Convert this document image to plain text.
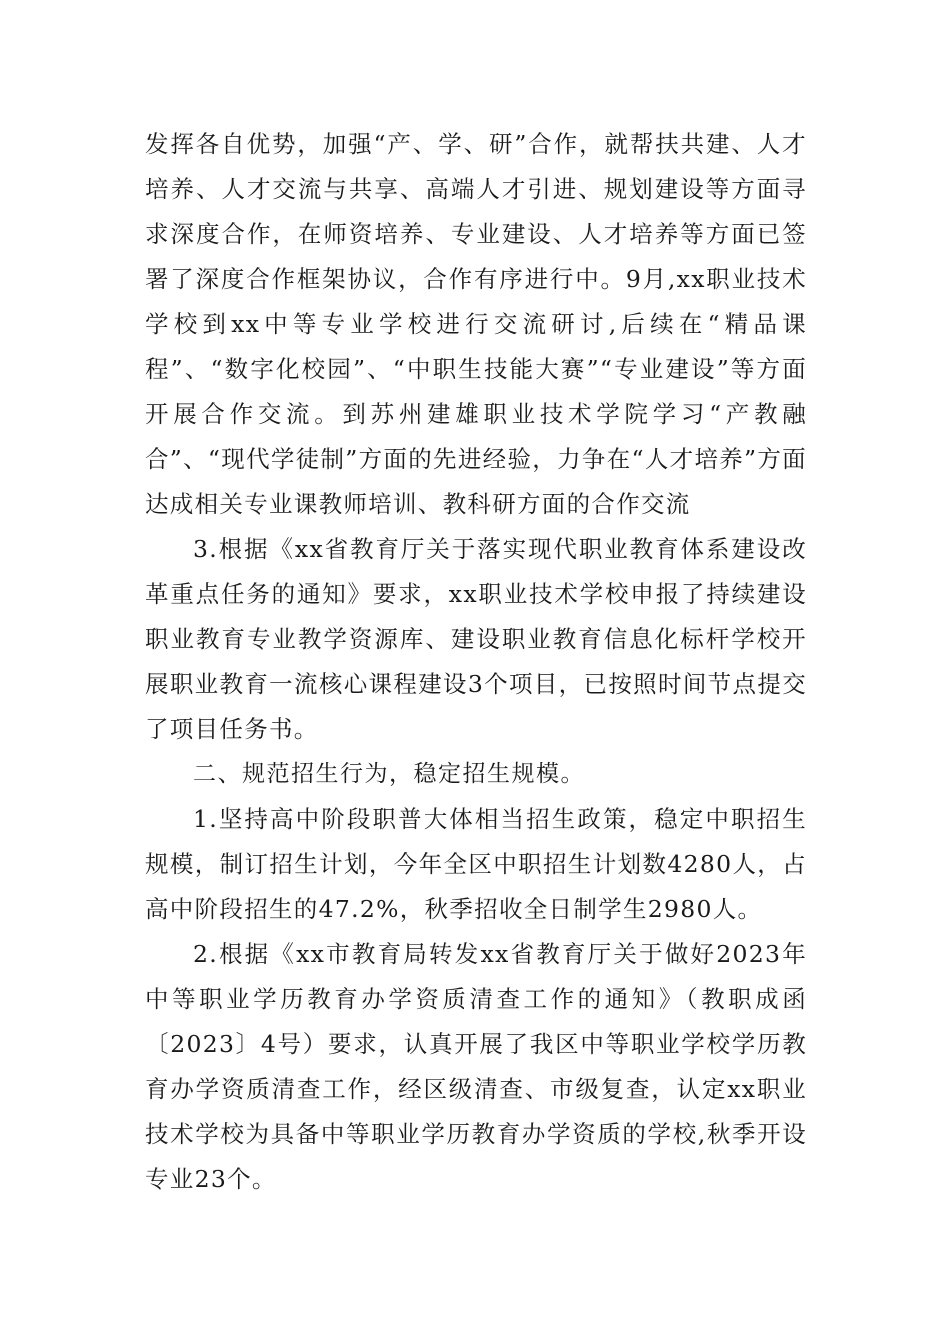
发挥各自优势，加强“产、学、研”合作，就帮扶共建、人才培养、人才交流与共享、高端人才引进、规划建设等方面寻求深度合作，在师资培养、专业建设、人才培养等方面已签署了深度合作框架协议，合作有序进行中。9月,xx职业技术学校到xx中等专业学校进行交流研讨,后续在“精品课程”、“数字化校园”、“中职生技能大赛”“专业建设”等方面开展合作交流。到苏州建雄职业技术学院学习“产教融合”、“现代学徒制”方面的先进经验，力争在“人才培养”方面达成相关专业课教师培训、教科研方面的合作交流

3.根据《xx省教育厅关于落实现代职业教育体系建设改革重点任务的通知》要求，xx职业技术学校申报了持续建设职业教育专业教学资源库、建设职业教育信息化标杆学校开展职业教育一流核心课程建设3个项目，已按照时间节点提交了项目任务书。

二、规范招生行为，稳定招生规模。

1.坚持高中阶段职普大体相当招生政策，稳定中职招生规模，制订招生计划，今年全区中职招生计划数4280人，占高中阶段招生的47.2%，秋季招收全日制学生2980人。

2.根据《xx市教育局转发xx省教育厅关于做好2023年中等职业学历教育办学资质清查工作的通知》（教职成函〔2023〕4号）要求，认真开展了我区中等职业学校学历教育办学资质清查工作，经区级清查、市级复查，认定xx职业技术学校为具备中等职业学历教育办学资质的学校,秋季开设专业23个。
